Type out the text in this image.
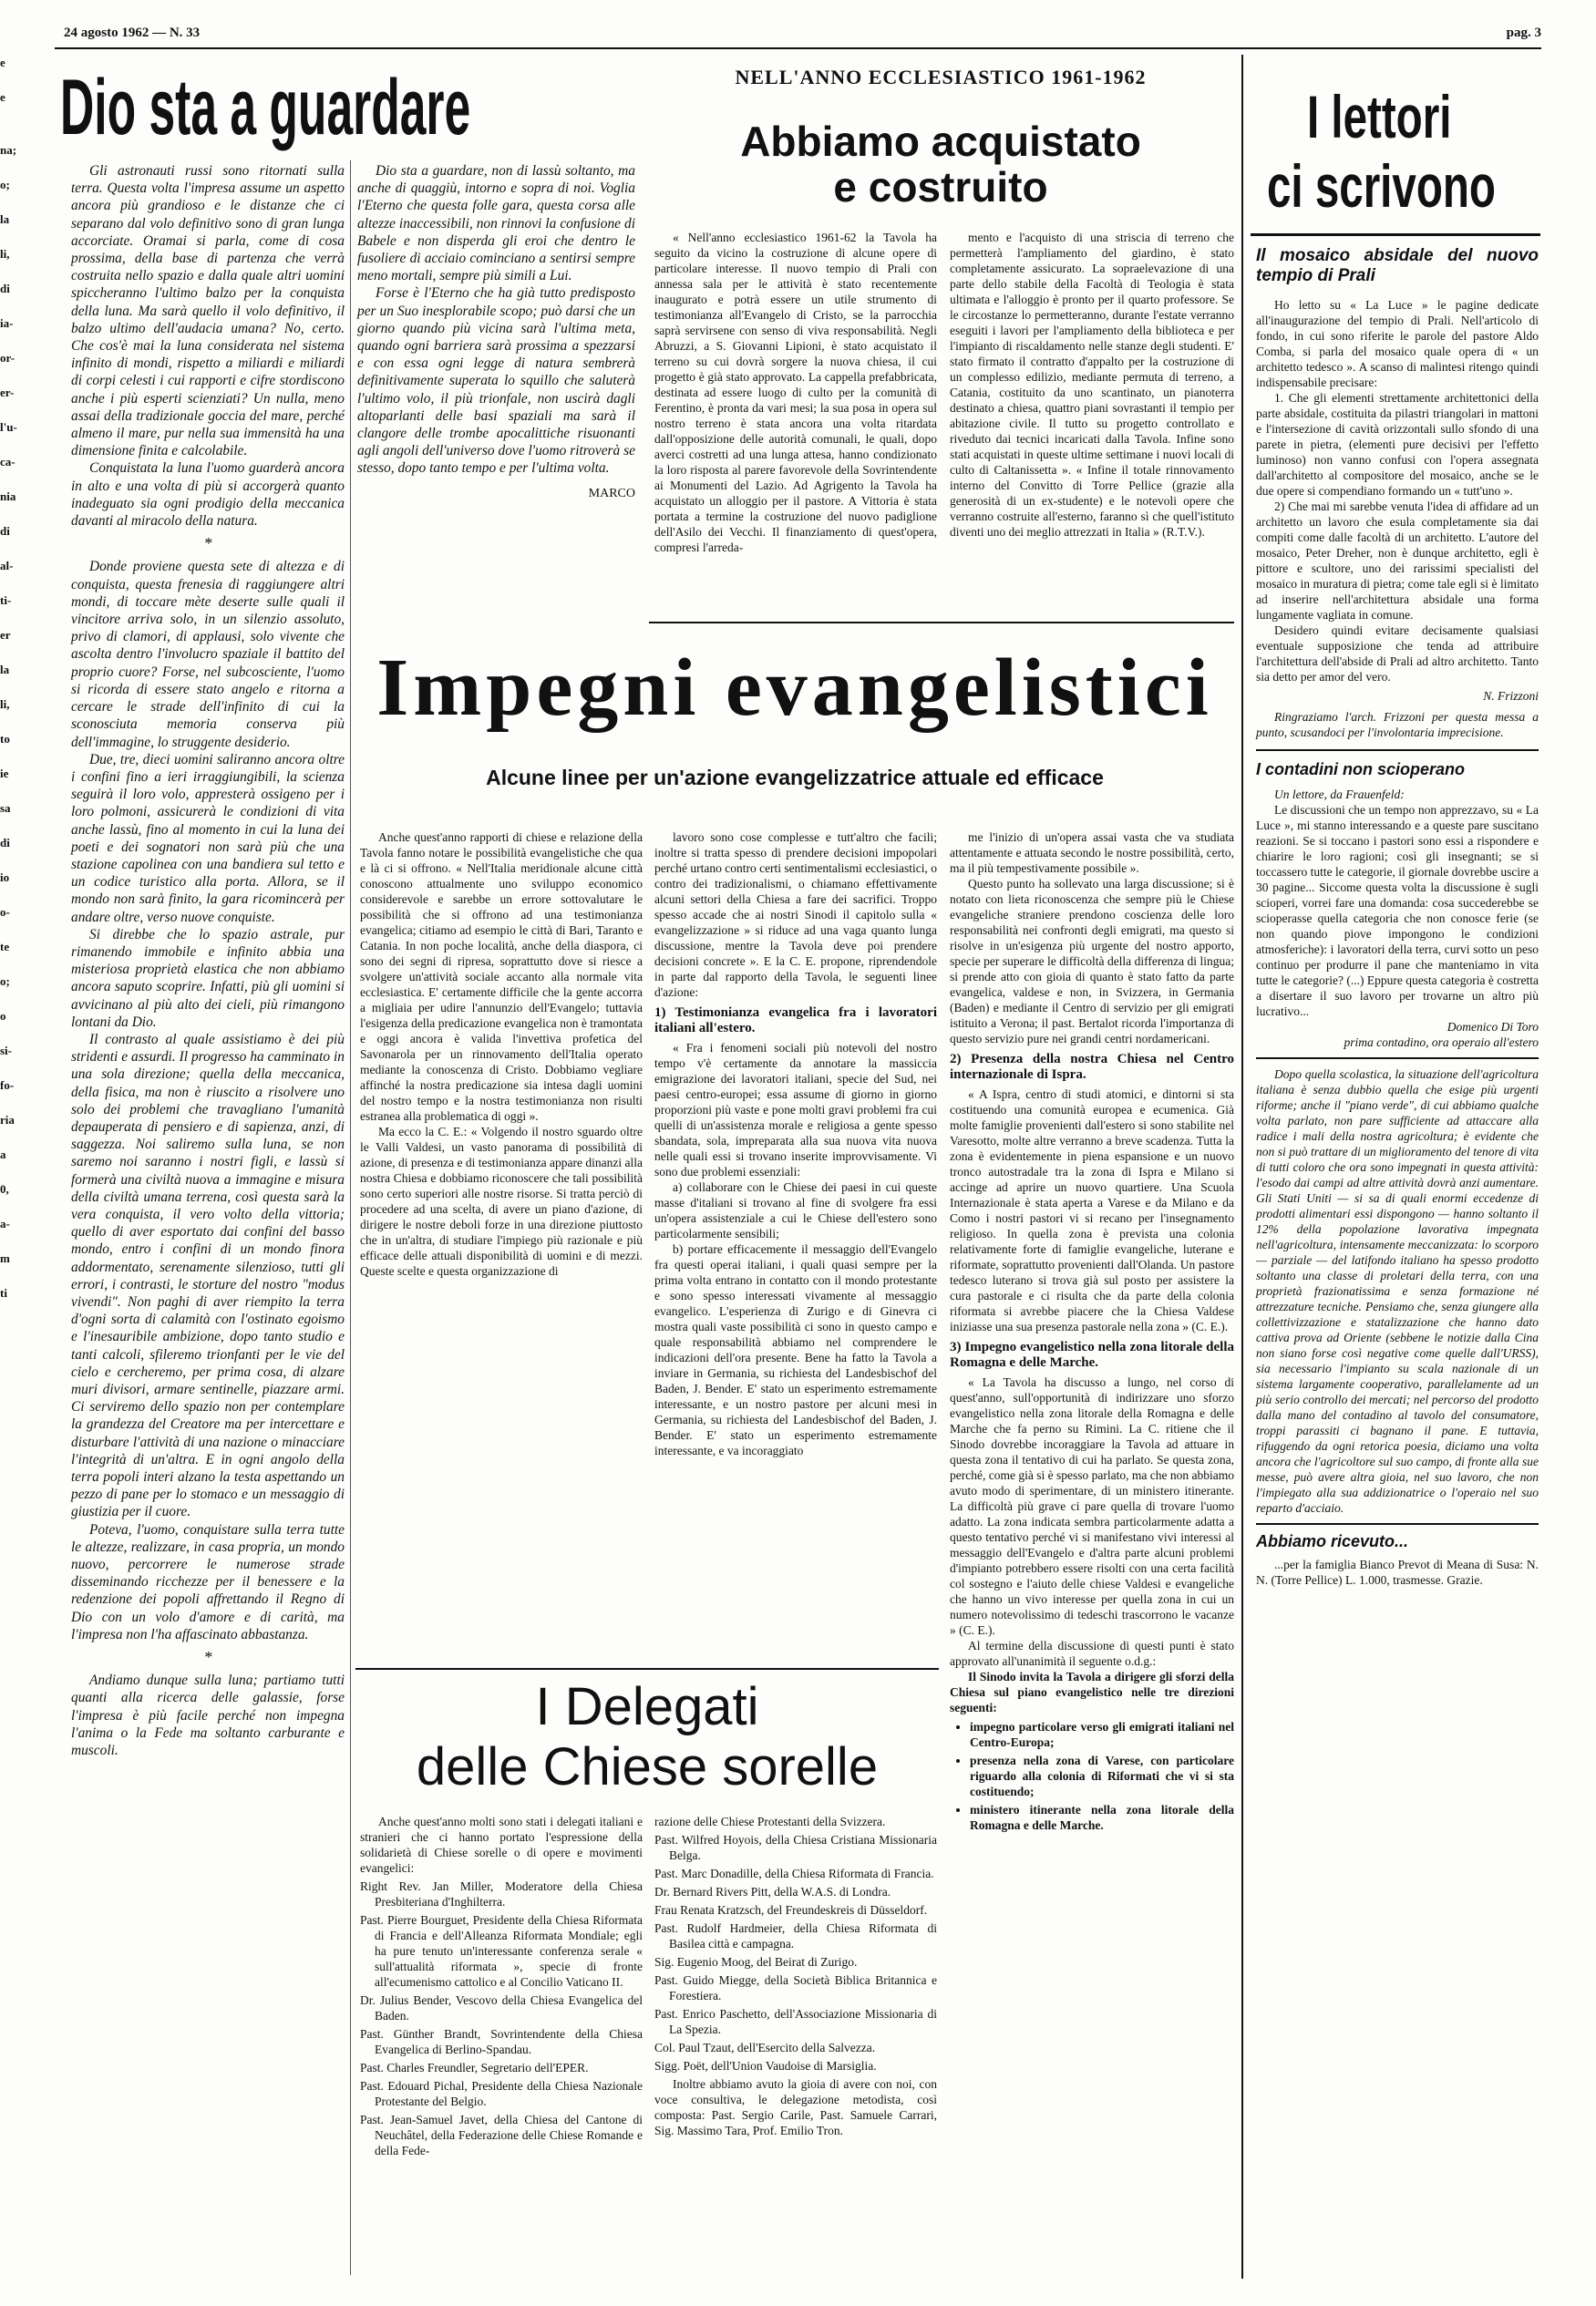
24 agosto 1962 — N. 33	pag. 3

e

e

na;

o;

la

li,

di

ia-

or-

er-

l'u-

ca-

nia

di

al-

ti-

er

la

li,

to

ie

sa

di

io

o-

te

o;

o

si-

fo-

ria

a

0,

a-

m

ti

Dio sta a guardare

Gli astronauti russi sono ritornati sulla terra. Questa volta l'impresa assume un aspetto ancora più grandioso e le distanze che ci separano dal volo definitivo sono di gran lunga accorciate. Oramai si parla, come di cosa prossima, della base di partenza che verrà costruita nello spazio e dalla quale altri uomini spiccheranno l'ultimo balzo per la conquista della luna. Ma sarà quello il volo definitivo, il balzo ultimo dell'audacia umana? No, certo. Che cos'è mai la luna considerata nel sistema infinito di mondi, rispetto a miliardi e miliardi di corpi celesti i cui rapporti e cifre stordiscono anche i più esperti scienziati? Un nulla, meno assai della tradizionale goccia del mare, perché almeno il mare, pur nella sua immensità ha una dimensione finita e calcolabile.

Conquistata la luna l'uomo guarderà ancora in alto e una volta di più si accorgerà quanto inadeguato sia ogni prodigio della meccanica davanti al miracolo della natura.

*

Donde proviene questa sete di altezza e di conquista, questa frenesia di raggiungere altri mondi, di toccare mète deserte sulle quali il vincitore arriva solo, in un silenzio assoluto, privo di clamori, di applausi, solo vivente che ascolta dentro l'involucro spaziale il battito del proprio cuore? Forse, nel subcosciente, l'uomo si ricorda di essere stato angelo e ritorna a cercare le strade dell'infinito di cui la sconosciuta memoria conserva più dell'immagine, lo struggente desiderio.

Due, tre, dieci uomini saliranno ancora oltre i confini fino a ieri irraggiungibili, la scienza seguirà il loro volo, appresterà ossigeno per i loro polmoni, assicurerà le condizioni di vita anche lassù, fino al momento in cui la luna dei poeti e dei sognatori non sarà più che una stazione capolinea con una bandiera sul tetto e un codice turistico alla porta. Allora, se il mondo non sarà finito, la gara ricomincerà per andare oltre, verso nuove conquiste.

Si direbbe che lo spazio astrale, pur rimanendo immobile e infinito abbia una misteriosa proprietà elastica che non abbiamo ancora saputo scoprire. Infatti, più gli uomini si avvicinano al più alto dei cieli, più rimangono lontani da Dio.

Il contrasto al quale assistiamo è dei più stridenti e assurdi. Il progresso ha camminato in una sola direzione; quella della meccanica, della fisica, ma non è riuscito a risolvere uno solo dei problemi che travagliano l'umanità depauperata di pensiero e di sapienza, anzi, di saggezza. Noi saliremo sulla luna, se non saremo noi saranno i nostri figli, e lassù si formerà una civiltà nuova a immagine e misura della civiltà umana terrena, così questa sarà la vera conquista, il vero volto della vittoria; quello di aver esportato dai confini del basso mondo, entro i confini di un mondo finora addormentato, serenamente silenzioso, tutti gli errori, i contrasti, le storture del nostro "modus vivendi". Non paghi di aver riempito la terra d'ogni sorta di calamità con l'ostinato egoismo e l'inesauribile ambizione, dopo tanto studio e tanti calcoli, sfileremo trionfanti per le vie del cielo e cercheremo, per prima cosa, di alzare muri divisori, armare sentinelle, piazzare armi. Ci serviremo dello spazio non per contemplare la grandezza del Creatore ma per intercettare e disturbare l'attività di una nazione o minacciare l'integrità di un'altra. E in ogni angolo della terra popoli interi alzano la testa aspettando un pezzo di pane per lo stomaco e un messaggio di giustizia per il cuore.

Poteva, l'uomo, conquistare sulla terra tutte le altezze, realizzare, in casa propria, un mondo nuovo, percorrere le numerose strade disseminando ricchezze per il benessere e la redenzione dei popoli affrettando il Regno di Dio con un volo d'amore e di carità, ma l'impresa non l'ha affascinato abbastanza.

*

Andiamo dunque sulla luna; partiamo tutti quanti alla ricerca delle galassie, forse l'impresa è più facile perché non impegna l'anima o la Fede ma soltanto carburante e muscoli.

Dio sta a guardare, non di lassù soltanto, ma anche di quaggiù, intorno e sopra di noi. Voglia l'Eterno che questa folle gara, questa corsa alle altezze inaccessibili, non rinnovi la confusione di Babele e non disperda gli eroi che dentro le fusoliere di acciaio cominciano a sentirsi sempre meno mortali, sempre più simili a Lui.

Forse è l'Eterno che ha già tutto predisposto per un Suo inesplorabile scopo; può darsi che un giorno quando più vicina sarà l'ultima meta, quando ogni barriera sarà prossima a spezzarsi e con essa ogni legge di natura sembrerà definitivamente superata lo squillo che saluterà l'ultimo volo, il più trionfale, non uscirà dagli altoparlanti delle basi spaziali ma sarà il clangore delle trombe apocalittiche risuonanti agli angoli dell'universo dove l'uomo ritroverà se stesso, dopo tanto tempo e per l'ultima volta.

MARCO
NELL'ANNO ECCLESIASTICO 1961-1962
Abbiamo acquistato
e costruito

« Nell'anno ecclesiastico 1961-62 la Tavola ha seguito da vicino la costruzione di alcune opere di particolare interesse. Il nuovo tempio di Prali con annessa sala per le attività è stato recentemente inaugurato e potrà essere un utile strumento di testimonianza all'Evangelo di Cristo, se la parrocchia saprà servirsene con senso di viva responsabilità. Negli Abruzzi, a S. Giovanni Lipioni, è stato acquistato il terreno su cui dovrà sorgere la nuova chiesa, il cui progetto è già stato approvato. La cappella prefabbricata, destinata ad essere luogo di culto per la comunità di Ferentino, è pronta da vari mesi; la sua posa in opera sul nostro terreno è stata ancora una volta ritardata dall'opposizione delle autorità comunali, le quali, dopo averci costretti ad una lunga attesa, hanno condizionato la loro risposta al parere favorevole della Sovrintendente ai Monumenti del Lazio. Ad Agrigento la Tavola ha acquistato un alloggio per il pastore. A Vittoria è stata portata a termine la costruzione del nuovo padiglione dell'Asilo dei Vecchi. Il finanziamento di quest'opera, compresi l'arreda-

mento e l'acquisto di una striscia di terreno che permetterà l'ampliamento del giardino, è stato completamente assicurato. La sopraelevazione di una parte dello stabile della Facoltà di Teologia è stata ultimata e l'alloggio è pronto per il quarto professore. Se le circostanze lo permetteranno, durante l'estate verranno eseguiti i lavori per l'ampliamento della biblioteca e per l'impianto di riscaldamento nelle stanze degli studenti. E' stato firmato il contratto d'appalto per la costruzione di un complesso edilizio, mediante permuta di terreno, a Catania, costituito da uno scantinato, un pianoterra destinato a chiesa, quattro piani sovrastanti il tempio per abitazione civile. Il tutto su progetto controllato e riveduto dai tecnici incaricati dalla Tavola. Infine sono stati acquistati in queste ultime settimane i nuovi locali di culto di Caltanissetta ». « Infine il totale rinnovamento interno del Convitto di Torre Pellice (grazie alla generosità di un ex-studente) e le notevoli opere che verranno costruite all'esterno, faranno sì che quell'istituto diventi uno dei meglio attrezzati in Italia » (R.T.V.).

Impegni evangelistici
Alcune linee per un'azione evangelizzatrice attuale ed efficace

Anche quest'anno rapporti di chiese e relazione della Tavola fanno notare le possibilità evangelistiche che qua e là ci si offrono. « Nell'Italia meridionale alcune città conoscono attualmente uno sviluppo economico considerevole e sarebbe un errore sottovalutare le possibilità che si offrono ad una testimonianza evangelica; citiamo ad esempio le città di Bari, Taranto e Catania. In non poche località, anche della diaspora, ci sono dei segni di ripresa, soprattutto dove si riesce a svolgere un'attività sociale accanto alla normale vita ecclesiastica. E' certamente difficile che la gente accorra a migliaia per udire l'annunzio dell'Evangelo; tuttavia l'esigenza della predicazione evangelica non è tramontata e oggi ancora è valida l'invettiva profetica del Savonarola per un rinnovamento dell'Italia operato mediante la conoscenza di Cristo. Dobbiamo vegliare affinché la nostra predicazione sia intesa dagli uomini del nostro tempo e la nostra testimonianza non risulti estranea alla problematica di oggi ».

Ma ecco la C. E.: « Volgendo il nostro sguardo oltre le Valli Valdesi, un vasto panorama di possibilità di azione, di presenza e di testimonianza appare dinanzi alla nostra Chiesa e dobbiamo riconoscere che tali possibilità sono certo superiori alle nostre risorse. Si tratta perciò di procedere ad una scelta, di avere un piano d'azione, di dirigere le nostre deboli forze in una direzione piuttosto che in un'altra, di studiare l'impiego più razionale e più efficace delle attuali disponibilità di uomini e di mezzi. Queste scelte e questa organizzazione di

lavoro sono cose complesse e tutt'altro che facili; inoltre si tratta spesso di prendere decisioni impopolari perché urtano contro certi sentimentalismi ecclesiastici, o contro dei tradizionalismi, o chiamano effettivamente alcuni settori della Chiesa a fare dei sacrifici. Troppo spesso accade che ai nostri Sinodi il capitolo sulla « evangelizzazione » si riduce ad una vaga quanto lunga discussione, mentre la Tavola deve poi prendere decisioni concrete ». E la C. E. propone, riprendendole in parte dal rapporto della Tavola, le seguenti linee d'azione:

1) Testimonianza evangelica fra i lavoratori italiani all'estero.

« Fra i fenomeni sociali più notevoli del nostro tempo v'è certamente da annotare la massiccia emigrazione dei lavoratori italiani, specie del Sud, nei paesi centro-europei; essa assume di giorno in giorno proporzioni più vaste e pone molti gravi problemi fra cui quelli di un'assistenza morale e religiosa a gente spesso sbandata, sola, impreparata alla sua nuova vita nuova nelle quali essi si trovano inserite improvvisamente. Vi sono due problemi essenziali:

a) collaborare con le Chiese dei paesi in cui queste masse d'italiani si trovano al fine di svolgere fra essi un'opera assistenziale a cui le Chiese dell'estero sono particolarmente sensibili;

b) portare efficacemente il messaggio dell'Evangelo fra questi operai italiani, i quali quasi sempre per la prima volta entrano in contatto con il mondo protestante e sono spesso interessati vivamente al messaggio evangelico. L'esperienza di Zurigo e di Ginevra ci mostra quali vaste possibilità ci sono in questo campo e quale responsabilità abbiamo nel comprendere le indicazioni dell'ora presente. Bene ha fatto la Tavola a inviare in Germania, su richiesta del Landesbischof del Baden, J. Bender. E' stato un esperimento estremamente interessante, e un nostro pastore per alcuni mesi in Germania, su richiesta del Landesbischof del Baden, J. Bender. E' stato un esperimento estremamente interessante, e va incoraggiato

me l'inizio di un'opera assai vasta che va studiata attentamente e attuata secondo le nostre possibilità, certo, ma il più tempestivamente possibile ».

Questo punto ha sollevato una larga discussione; si è notato con lieta riconoscenza che sempre più le Chiese evangeliche straniere prendono coscienza delle loro responsabilità nei confronti degli emigrati, ma questo si risolve in un'esigenza più urgente del nostro apporto, specie per superare le difficoltà della differenza di lingua; si prende atto con gioia di quanto è stato fatto da parte evangelica, valdese e non, in Svizzera, in Germania (Baden) e mediante il Centro di servizio per gli emigrati istituito a Verona; il past. Bertalot ricorda l'importanza di questo servizio pure nei grandi centri nordamericani.

2) Presenza della nostra Chiesa nel Centro internazionale di Ispra.

« A Ispra, centro di studi atomici, e dintorni si sta costituendo una comunità europea e ecumenica. Già molte famiglie provenienti dall'estero si sono stabilite nel Varesotto, molte altre verranno a breve scadenza. Tutta la zona è evidentemente in piena espansione e un nuovo tronco autostradale tra la zona di Ispra e Milano si accinge ad aprire un nuovo quartiere. Una Scuola Internazionale è stata aperta a Varese e da Milano e da Como i nostri pastori vi si recano per l'insegnamento religioso. In quella zona è prevista una colonia relativamente forte di famiglie evangeliche, luterane e riformate, soprattutto provenienti dall'Olanda. Un pastore tedesco luterano si trova già sul posto per assistere la cura pastorale e ci risulta che da parte della colonia riformata si avrebbe piacere che la Chiesa Valdese iniziasse una sua presenza pastorale nella zona » (C. E.).

3) Impegno evangelistico nella zona litorale della Romagna e delle Marche.

« La Tavola ha discusso a lungo, nel corso di quest'anno, sull'opportunità di indirizzare uno sforzo evangelistico nella zona litorale della Romagna e delle Marche che fa perno su Rimini. La C. ritiene che il Sinodo dovrebbe incoraggiare la Tavola ad attuare in questa zona il tentativo di cui ha parlato. Se questa zona, perché, come già si è spesso parlato, ma che non abbiamo avuto modo di sperimentare, di un ministero itinerante. La difficoltà più grave ci pare quella di trovare l'uomo adatto. La zona indicata sembra particolarmente adatta a questo tentativo perché vi si manifestano vivi interessi al messaggio dell'Evangelo e d'altra parte alcuni problemi d'impianto potrebbero essere risolti con una certa facilità col sostegno e l'aiuto delle chiese Valdesi e evangeliche che hanno un vivo interesse per quella zona in cui un numero notevolissimo di tedeschi trascorrono le vacanze » (C. E.).

Al termine della discussione di questi punti è stato approvato all'unanimità il seguente o.d.g.:

Il Sinodo invita la Tavola a dirigere gli sforzi della Chiesa sul piano evangelistico nelle tre direzioni seguenti:

• impegno particolare verso gli emigrati italiani nel Centro-Europa;
• presenza nella zona di Varese, con particolare riguardo alla colonia di Riformati che vi si sta costituendo;
• ministero itinerante nella zona litorale della Romagna e delle Marche.
I Delegati
delle Chiese sorelle

Anche quest'anno molti sono stati i delegati italiani e stranieri che ci hanno portato l'espressione della solidarietà di Chiese sorelle o di opere e movimenti evangelici:

Right Rev. Jan Miller, Moderatore della Chiesa Presbiteriana d'Inghilterra.

Past. Pierre Bourguet, Presidente della Chiesa Riformata di Francia e dell'Alleanza Riformata Mondiale; egli ha pure tenuto un'interessante conferenza serale « sull'attualità riformata », specie di fronte all'ecumenismo cattolico e al Concilio Vaticano II.

Dr. Julius Bender, Vescovo della Chiesa Evangelica del Baden.

Past. Günther Brandt, Sovrintendente della Chiesa Evangelica di Berlino-Spandau.

Past. Charles Freundler, Segretario dell'EPER.

Past. Edouard Pichal, Presidente della Chiesa Nazionale Protestante del Belgio.

Past. Jean-Samuel Javet, della Chiesa del Cantone di Neuchâtel, della Federazione delle Chiese Romande e della Fede-

razione delle Chiese Protestanti della Svizzera.

Past. Wilfred Hoyois, della Chiesa Cristiana Missionaria Belga.

Past. Marc Donadille, della Chiesa Riformata di Francia.

Dr. Bernard Rivers Pitt, della W.A.S. di Londra.

Frau Renata Kratzsch, del Freundeskreis di Düsseldorf.

Past. Rudolf Hardmeier, della Chiesa Riformata di Basilea città e campagna.

Sig. Eugenio Moog, del Beirat di Zurigo.

Past. Guido Miegge, della Società Biblica Britannica e Forestiera.

Past. Enrico Paschetto, dell'Associazione Missionaria di La Spezia.

Col. Paul Tzaut, dell'Esercito della Salvezza.

Sigg. Poët, dell'Union Vaudoise di Marsiglia.

Inoltre abbiamo avuto la gioia di avere con noi, con voce consultiva, le delegazione metodista, così composta: Past. Sergio Carile, Past. Samuele Carrari, Sig. Massimo Tara, Prof. Emilio Tron.

I lettori
ci scrivono
Il mosaico absidale del nuovo tempio di Prali

Ho letto su « La Luce » le pagine dedicate all'inaugurazione del tempio di Prali. Nell'articolo di fondo, in cui sono riferite le parole del pastore Aldo Comba, si parla del mosaico quale opera di « un architetto tedesco ». A scanso di malintesi ritengo quindi indispensabile precisare:

1. Che gli elementi strettamente architettonici della parte absidale, costituita da pilastri triangolari in mattoni e l'intersezione di cavità orizzontali sullo sfondo di una parete in pietra, (elementi pure decisivi per l'effetto luminoso) non vanno confusi con l'opera assegnata dall'architetto al compositore del mosaico, anche se le due opere si compendiano formando un « tutt'uno ».

2) Che mai mi sarebbe venuta l'idea di affidare ad un architetto un lavoro che esula completamente sia dai compiti come dalle facoltà di un architetto. L'autore del mosaico, Peter Dreher, non è dunque architetto, egli è pittore e scultore, uno dei rarissimi specialisti del mosaico in muratura di pietra; come tale egli si è limitato ad inserire nell'architettura absidale una forma lungamente vagliata in comune.

Desidero quindi evitare decisamente qualsiasi eventuale supposizione che tenda ad attribuire l'architettura dell'abside di Prali ad altro architetto. Tanto sia detto per amor del vero.

N. Frizzoni

Ringraziamo l'arch. Frizzoni per questa messa a punto, scusandoci per l'involontaria imprecisione.

I contadini non scioperano

Un lettore, da Frauenfeld:

Le discussioni che un tempo non apprezzavo, su « La Luce », mi stanno interessando e a queste pare suscitano reazioni. Se si toccano i pastori sono essi a rispondere e chiarire le loro ragioni; così gli insegnanti; se si toccassero tutte le categorie, il giornale dovrebbe uscire a 30 pagine... Siccome questa volta la discussione è sugli scioperi, vorrei fare una domanda: cosa succederebbe se scioperasse quella categoria che non conosce ferie (se non quando piove impongono le condizioni atmosferiche): i lavoratori della terra, curvi sotto un peso continuo per produrre il pane che manteniamo in vita tutte le categorie? (...) Eppure questa categoria è costretta a disertare il suo lavoro per trovarne un altro più lucrativo...

Domenico Di Toro
prima contadino, ora operaio all'estero

Dopo quella scolastica, la situazione dell'agricoltura italiana è senza dubbio quella che esige più urgenti riforme; anche il "piano verde", di cui abbiamo qualche volta parlato, non pare sufficiente ad attaccare alla radice i mali della nostra agricoltura; è evidente che non si può trattare di un miglioramento del tenore di vita di tutti coloro che ora sono impegnati in questa attività: l'esodo dai campi ad altre attività dovrà anzi aumentare. Gli Stati Uniti — si sa di quali enormi eccedenze di prodotti alimentari essi dispongono — hanno soltanto il 12% della popolazione lavorativa impegnata nell'agricoltura, intensamente meccanizzata: lo scorporo — parziale — del latifondo italiano ha spesso prodotto soltanto una classe di proletari della terra, con una proprietà frazionatissima e senza formazione né attrezzature tecniche. Pensiamo che, senza giungere alla collettivizzazione e statalizzazione che hanno dato cattiva prova ad Oriente (sebbene le notizie dalla Cina non siano forse così negative come quelle dall'URSS), sia necessario l'impianto su scala nazionale di un sistema largamente cooperativo, parallelamente ad un più serio controllo dei mercati; nel percorso del prodotto dalla mano del contadino al tavolo del consumatore, troppi parassiti ci bagnano il pane. E tuttavia, rifuggendo da ogni retorica poesia, diciamo una volta ancora che l'agricoltore sul suo campo, di fronte alla sue messe, può avere altra gioia, nel suo lavoro, che non l'impiegato alla sua addizionatrice o l'operaio nel suo reparto d'acciaio.

Abbiamo ricevuto...

...per la famiglia Bianco Prevot di Meana di Susa: N. N. (Torre Pellice) L. 1.000, trasmesse. Grazie.
